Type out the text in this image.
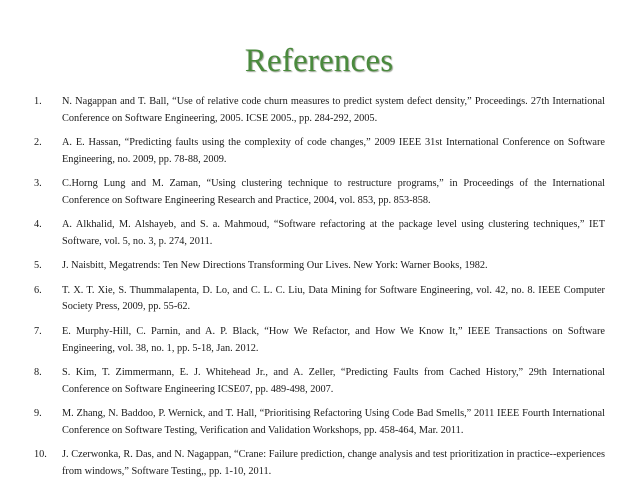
References
1. N. Nagappan and T. Ball, “Use of relative code churn measures to predict system defect density,” Proceedings. 27th International Conference on Software Engineering, 2005. ICSE 2005., pp. 284-292, 2005.
2. A. E. Hassan, “Predicting faults using the complexity of code changes,” 2009 IEEE 31st International Conference on Software Engineering, no. 2009, pp. 78-88, 2009.
3. C.Horng Lung and M. Zaman, “Using clustering technique to restructure programs,” in Proceedings of the International Conference on Software Engineering Research and Practice, 2004, vol. 853, pp. 853-858.
4. A. Alkhalid, M. Alshayeb, and S. a. Mahmoud, “Software refactoring at the package level using clustering techniques,” IET Software, vol. 5, no. 3, p. 274, 2011.
5. J. Naisbitt, Megatrends: Ten New Directions Transforming Our Lives. New York: Warner Books, 1982.
6. T. X. T. Xie, S. Thummalapenta, D. Lo, and C. L. C. Liu, Data Mining for Software Engineering, vol. 42, no. 8. IEEE Computer Society Press, 2009, pp. 55-62.
7. E. Murphy-Hill, C. Parnin, and A. P. Black, “How We Refactor, and How We Know It,” IEEE Transactions on Software Engineering, vol. 38, no. 1, pp. 5-18, Jan. 2012.
8. S. Kim, T. Zimmermann, E. J. Whitehead Jr., and A. Zeller, “Predicting Faults from Cached History,” 29th International Conference on Software Engineering ICSE07, pp. 489-498, 2007.
9. M. Zhang, N. Baddoo, P. Wernick, and T. Hall, “Prioritising Refactoring Using Code Bad Smells,” 2011 IEEE Fourth International Conference on Software Testing, Verification and Validation Workshops, pp. 458-464, Mar. 2011.
10. J. Czerwonka, R. Das, and N. Nagappan, “Crane: Failure prediction, change analysis and test prioritization in practice--experiences from windows,” Software Testing,, pp. 1-10, 2011.
